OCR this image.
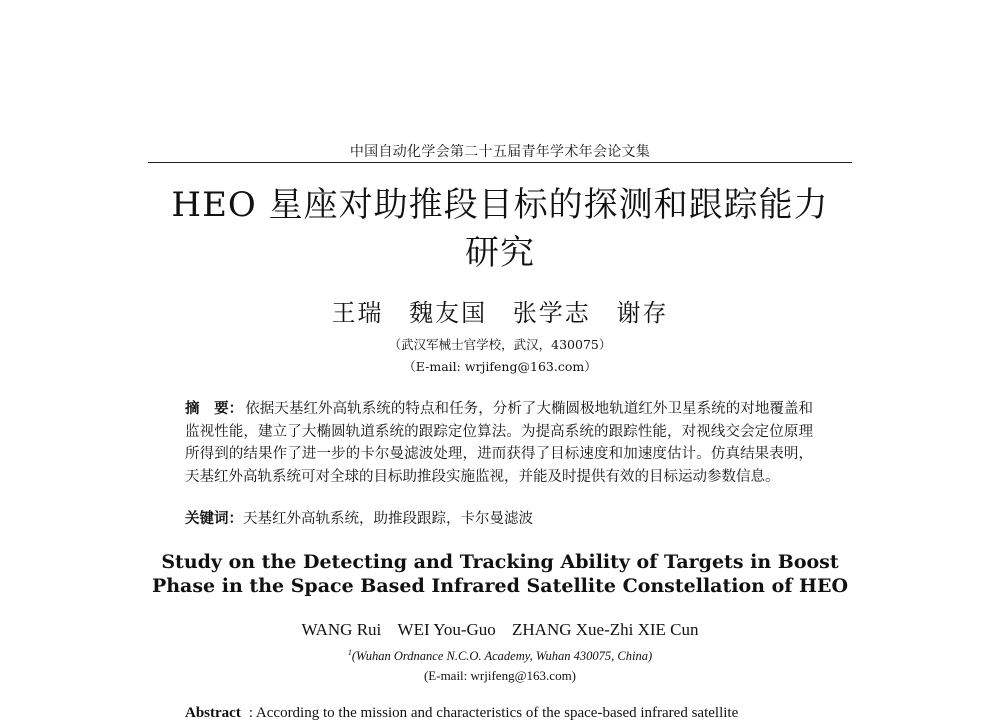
中国自动化学会第二十五届青年学术年会论文集
HEO 星座对助推段目标的探测和跟踪能力
研究
王瑞 魏友国 张学志 谢存
（武汉军械士官学校，武汉，430075）
（E-mail: wrjifeng@163.com）
摘　要： 依据天基红外高轨系统的特点和任务，分析了大椭圆极地轨道红外卫星系统的对地覆盖和监视性能，建立了大椭圆轨道系统的跟踪定位算法。为提高系统的跟踪性能，对视线交会定位原理所得到的结果作了进一步的卡尔曼滤波处理，进而获得了目标速度和加速度估计。仿真结果表明，天基红外高轨系统可对全球的目标助推段实施监视，并能及时提供有效的目标运动参数信息。
关键词：天基红外高轨系统，助推段跟踪，卡尔曼滤波
Study on the Detecting and Tracking Ability of Targets in Boost
Phase in the Space Based Infrared Satellite Constellation of HEO
WANG Rui WEI You-Guo ZHANG Xue-Zhi XIE Cun
$^1$(Wuhan Ordnance N.C.O. Academy, Wuhan 430075, China)
(E-mail: wrjifeng@163.com)
Abstract : According to the mission and characteristics of the space-based infrared satellite
